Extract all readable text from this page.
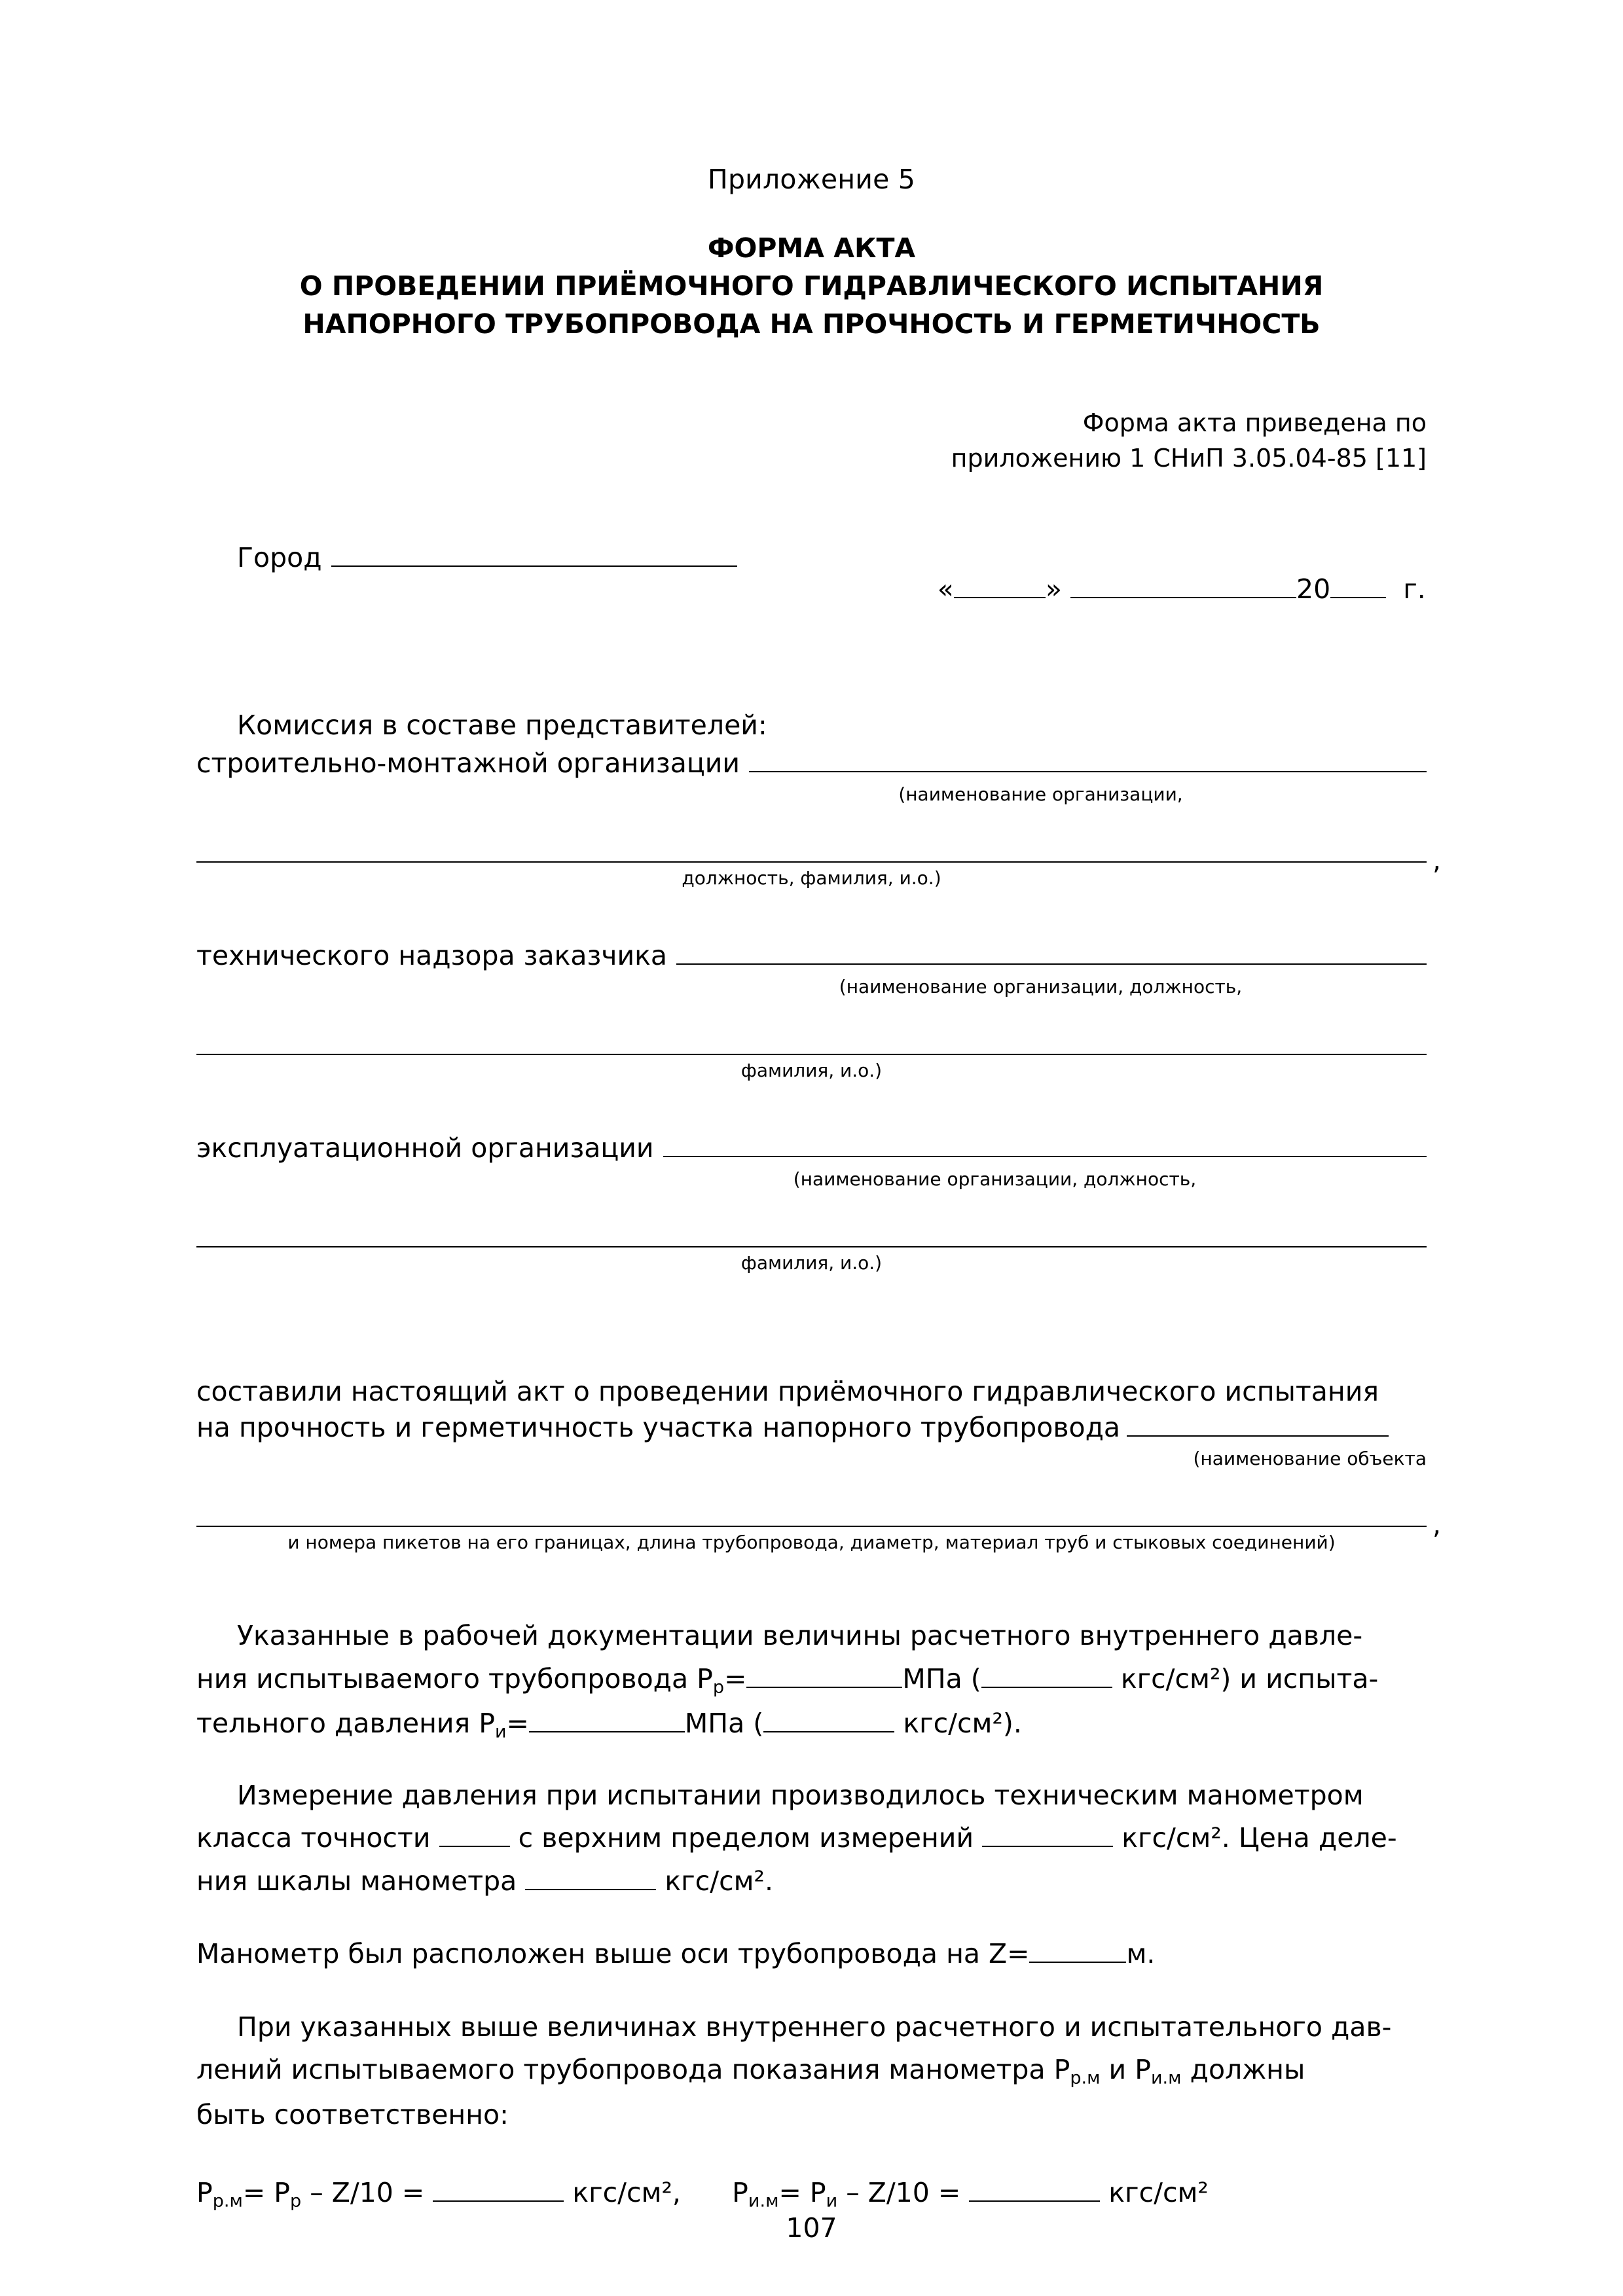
Приложение 5
ФОРМА АКТА
О ПРОВЕДЕНИИ ПРИЁМОЧНОГО ГИДРАВЛИЧЕСКОГО ИСПЫТАНИЯ
НАПОРНОГО ТРУБОПРОВОДА НА ПРОЧНОСТЬ И ГЕРМЕТИЧНОСТЬ
Форма акта приведена по
приложению 1 СНиП 3.05.04-85 [11]
Город

«	»	20	г.

Комиссия в составе представителей:
строительно-монтажной организации
(наименование организации,
,
должность, фамилия, и.о.)
технического надзора заказчика
(наименование организации, должность,
фамилия, и.о.)
эксплуатационной организации
(наименование организации, должность,
фамилия, и.о.)
составили настоящий акт о проведении приёмочного гидравлического испытания
на прочность и герметичность участка напорного трубопровода
(наименование объекта
,
и номера пикетов на его границах, длина трубопровода, диаметр, материал труб и стыковых соединений)
Указанные в рабочей документации величины расчетного внутреннего давле-
ния испытываемого трубопровода $Р_р=$	МПа (	кгс/см²) и испыта-
тельного давления $Р_и=$	МПа (	кгс/см²).
Измерение давления при испытании производилось техническим манометром
класса точности	с верхним пределом измерений	кгс/см². Цена деле-
ния шкалы манометра	кгс/см².
Манометр был расположен выше оси трубопровода на Z=	м.
При указанных выше величинах внутреннего расчетного и испытательного дав-
лений испытываемого трубопровода показания манометра $Р_{р.м}$ и $Р_{и.м}$ должны
быть соответственно:
$Р_{р.м}= Р_р - Z/10$ =	кгс/см², $Р_{и.м}= Р_и - Z/10$ =	кгс/см²
107
